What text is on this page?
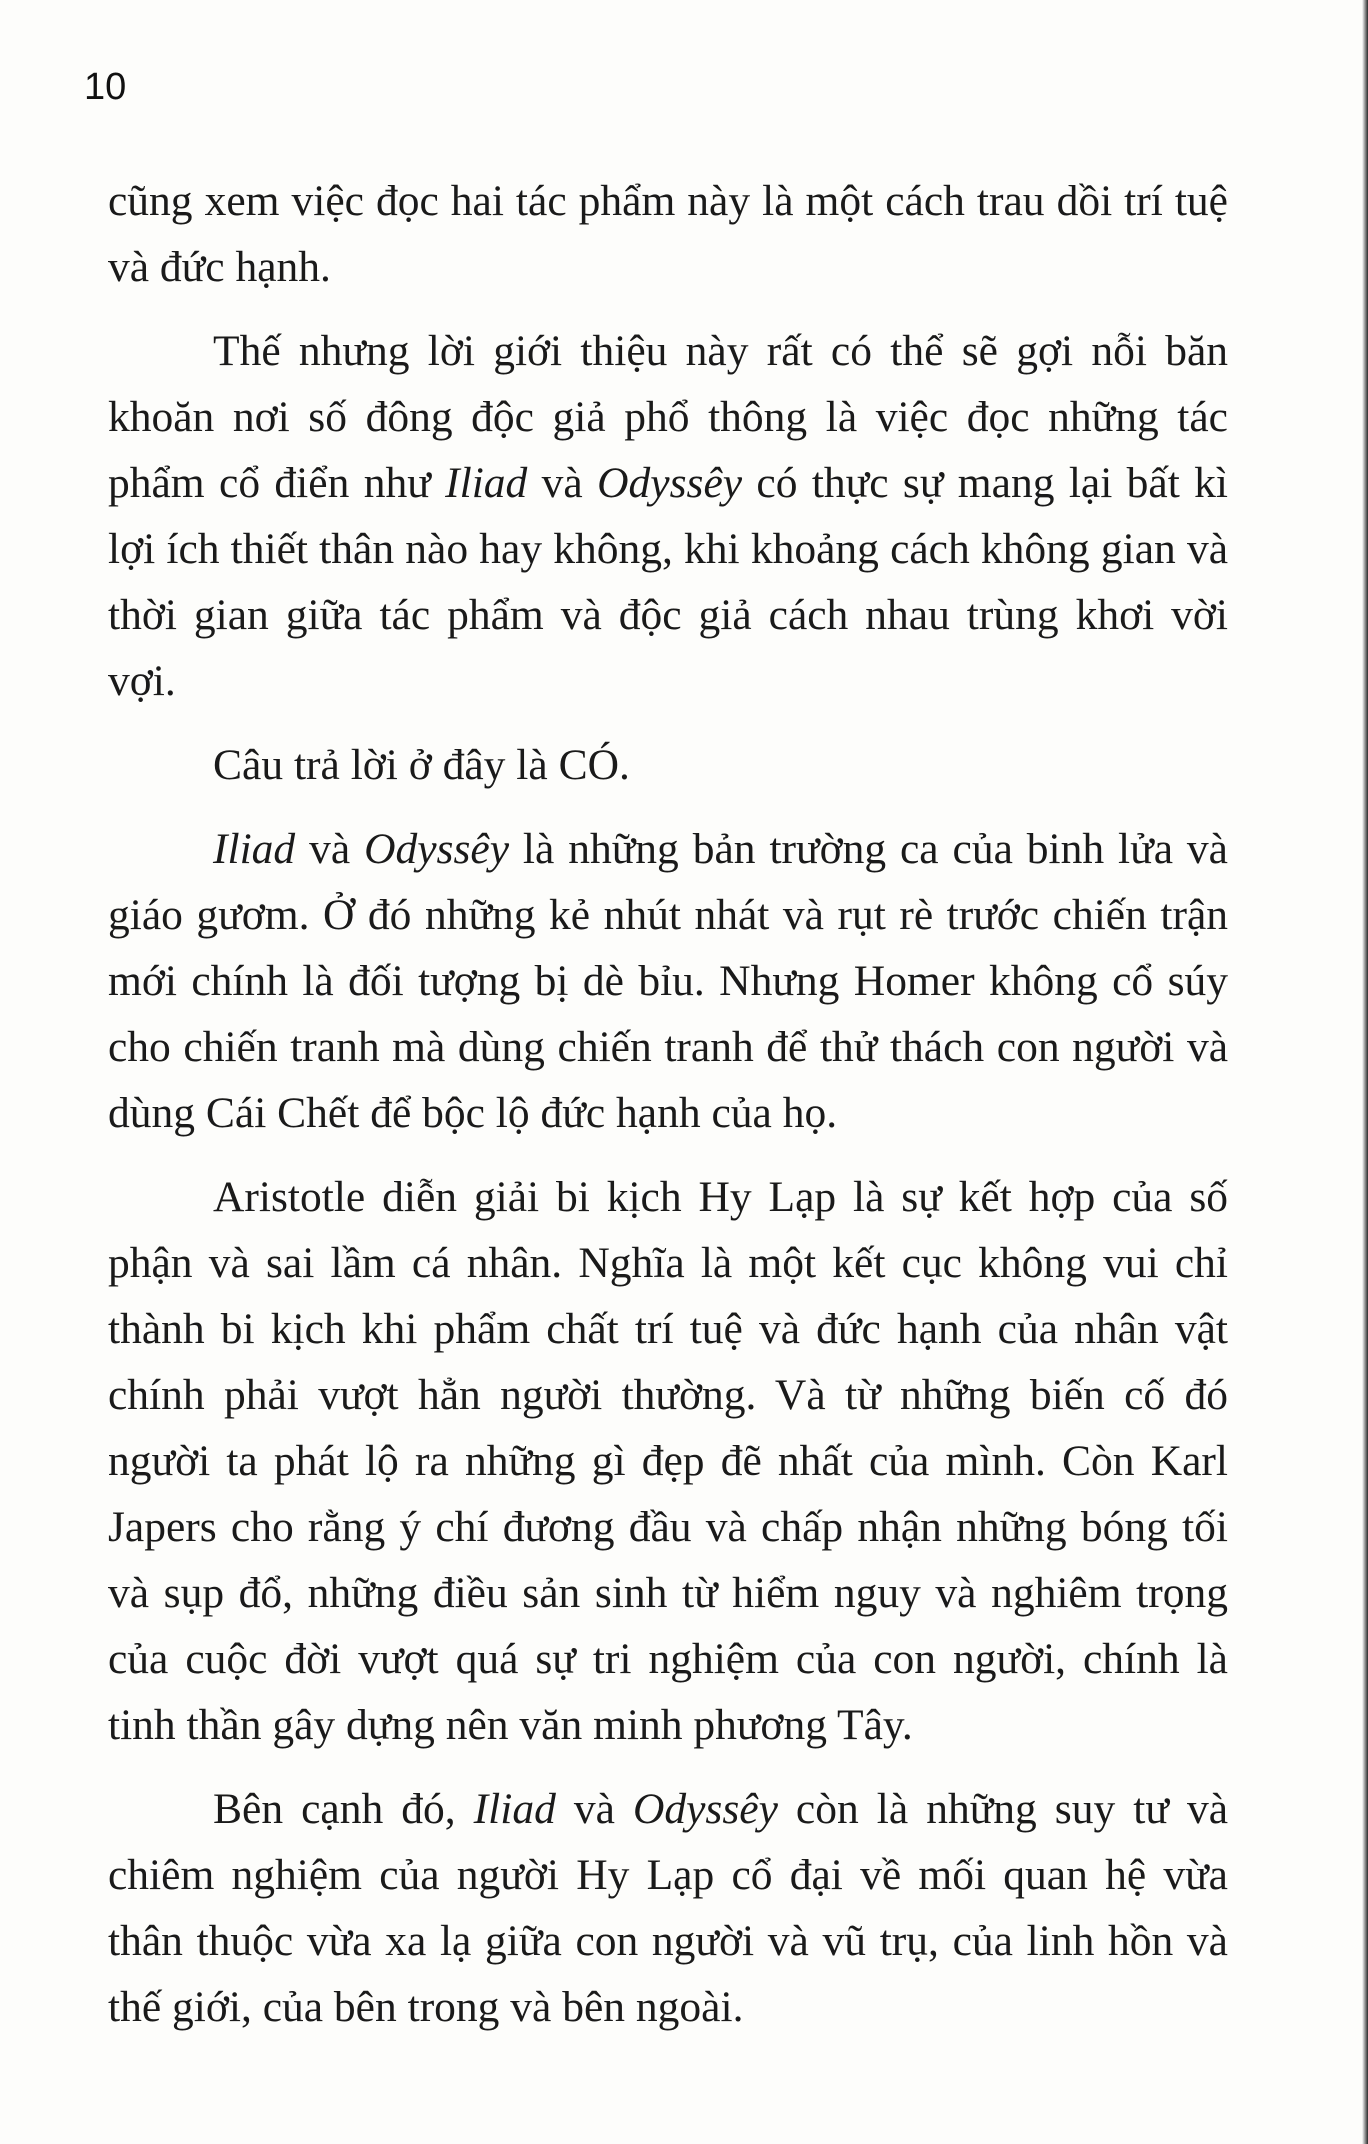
10

cũng xem việc đọc hai tác phẩm này là một cách trau dồi trí tuệ và đức hạnh.

Thế nhưng lời giới thiệu này rất có thể sẽ gợi nỗi băn khoăn nơi số đông độc giả phổ thông là việc đọc những tác phẩm cổ điển như Iliad và Odyssêy có thực sự mang lại bất kì lợi ích thiết thân nào hay không, khi khoảng cách không gian và thời gian giữa tác phẩm và độc giả cách nhau trùng khơi vời vợi.

Câu trả lời ở đây là CÓ.

Iliad và Odyssêy là những bản trường ca của binh lửa và giáo gươm. Ở đó những kẻ nhút nhát và rụt rè trước chiến trận mới chính là đối tượng bị dè bỉu. Nhưng Homer không cổ súy cho chiến tranh mà dùng chiến tranh để thử thách con người và dùng Cái Chết để bộc lộ đức hạnh của họ.

Aristotle diễn giải bi kịch Hy Lạp là sự kết hợp của số phận và sai lầm cá nhân. Nghĩa là một kết cục không vui chỉ thành bi kịch khi phẩm chất trí tuệ và đức hạnh của nhân vật chính phải vượt hẳn người thường. Và từ những biến cố đó người ta phát lộ ra những gì đẹp đẽ nhất của mình. Còn Karl Japers cho rằng ý chí đương đầu và chấp nhận những bóng tối và sụp đổ, những điều sản sinh từ hiểm nguy và nghiêm trọng của cuộc đời vượt quá sự tri nghiệm của con người, chính là tinh thần gây dựng nên văn minh phương Tây.

Bên cạnh đó, Iliad và Odyssêy còn là những suy tư và chiêm nghiệm của người Hy Lạp cổ đại về mối quan hệ vừa thân thuộc vừa xa lạ giữa con người và vũ trụ, của linh hồn và thế giới, của bên trong và bên ngoài.
